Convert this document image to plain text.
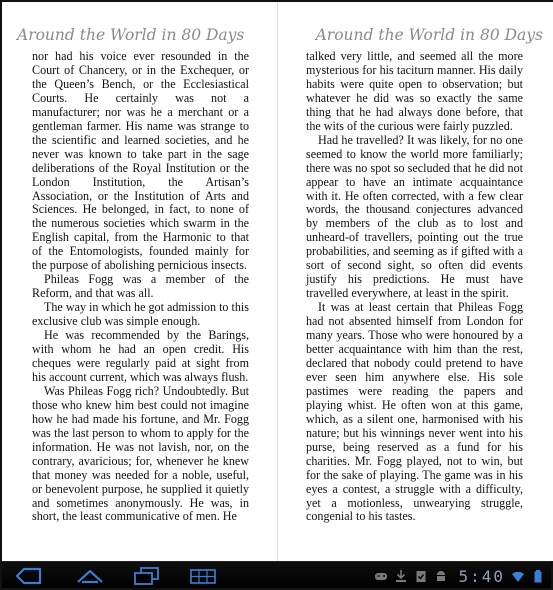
Around the World in 80 Days

nor had his voice ever resounded in the Court of Chancery, or in the Exchequer, or the Queen’s Bench, or the Ecclesiastical Courts. He certainly was not a manufacturer; nor was he a merchant or a gentleman farmer. His name was strange to the scientific and learned societies, and he never was known to take part in the sage deliberations of the Royal Institution or the London Institution, the Artisan’s Association, or the Institution of Arts and Sciences. He belonged, in fact, to none of the numerous societies which swarm in the English capital, from the Harmonic to that of the Entomologists, founded mainly for the purpose of abolishing pernicious insects.

Phileas Fogg was a member of the Reform, and that was all.

The way in which he got admission to this exclusive club was simple enough.

He was recommended by the Barings, with whom he had an open credit. His cheques were regularly paid at sight from his account current, which was always flush.

Was Phileas Fogg rich? Undoubtedly. But those who knew him best could not imagine how he had made his fortune, and Mr. Fogg was the last person to whom to apply for the information. He was not lavish, nor, on the contrary, avaricious; for, whenever he knew that money was needed for a noble, useful, or benevolent purpose, he supplied it quietly and sometimes anonymously. He was, in short, the least communicative of men. He

Around the World in 80 Days

talked very little, and seemed all the more mysterious for his taciturn manner. His daily habits were quite open to observation; but whatever he did was so exactly the same thing that he had always done before, that the wits of the curious were fairly puzzled.

Had he travelled? It was likely, for no one seemed to know the world more familiarly; there was no spot so secluded that he did not appear to have an intimate acquaintance with it. He often corrected, with a few clear words, the thousand conjectures advanced by members of the club as to lost and unheard-of travellers, pointing out the true probabilities, and seeming as if gifted with a sort of second sight, so often did events justify his predictions. He must have travelled everywhere, at least in the spirit.

It was at least certain that Phileas Fogg had not absented himself from London for many years. Those who were honoured by a better acquaintance with him than the rest, declared that nobody could pretend to have ever seen him anywhere else. His sole pastimes were reading the papers and playing whist. He often won at this game, which, as a silent one, harmonised with his nature; but his winnings never went into his purse, being reserved as a fund for his charities. Mr. Fogg played, not to win, but for the sake of playing. The game was in his eyes a contest, a struggle with a difficulty, yet a motionless, unwearying struggle, congenial to his tastes.

5:40
